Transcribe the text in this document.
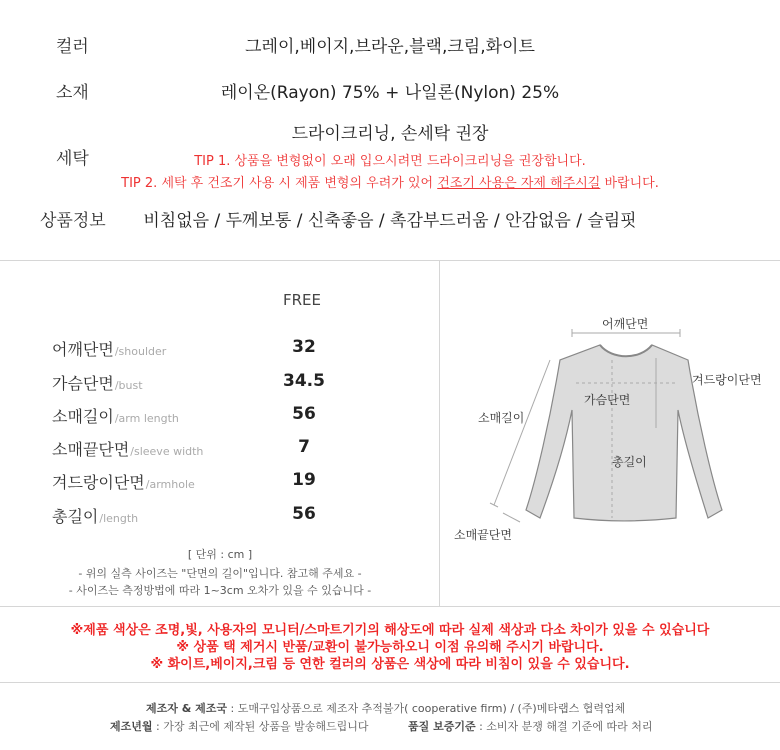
컬러	그레이,베이지,브라운,블랙,크림,화이트
소재	레이온(Rayon) 75% + 나일론(Nylon) 25%
세탁
드라이크리닝, 손세탁 권장
TIP 1. 상품을 변형없이 오래 입으시려면 드라이크리닝을 권장합니다.
TIP 2. 세탁 후 건조기 사용 시 제품 변형의 우려가 있어 건조기 사용은 자제 해주시길 바랍니다.
상품정보	비침없음 / 두께보통 / 신축좋음 / 촉감부드러움 / 안감없음 / 슬림핏
FREE
어깨단면/shoulder	32
가슴단면/bust	34.5
소매길이/arm length	56
소매끝단면/sleeve width	7
겨드랑이단면/armhole	19
총길이/length	56
[ 단위 : cm ]
- 위의 실측 사이즈는 "단면의 길이"입니다. 참고해 주세요 -
- 사이즈는 측정방법에 따라 1~3cm 오차가 있을 수 있습니다 -
어깨단면
겨드랑이단면
가슴단면
소매길이
총길이
소매끝단면
※제품 색상은 조명,빛, 사용자의 모니터/스마트기기의 해상도에 따라 실제 색상과 다소 차이가 있을 수 있습니다
※ 상품 택 제거시 반품/교환이 불가능하오니 이점 유의해 주시기 바랍니다.
※ 화이트,베이지,크림 등 연한 컬러의 상품은 색상에 따라 비침이 있을 수 있습니다.
제조자 & 제조국 : 도매구입상품으로 제조자 추적불가( cooperative firm) / (주)메타랩스 협력업체
제조년월 : 가장 최근에 제작된 상품을 발송해드립니다	품질 보증기준 : 소비자 분쟁 해결 기준에 따라 처리
